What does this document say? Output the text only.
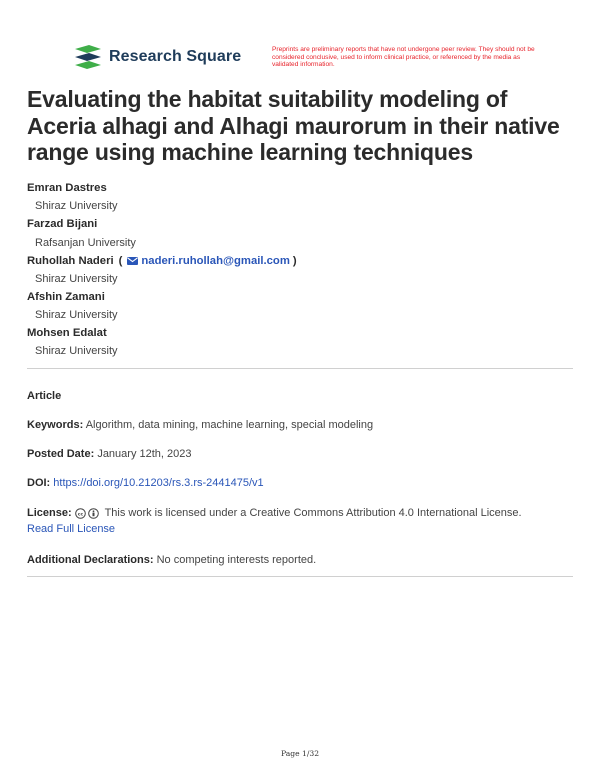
Research Square	Preprints are preliminary reports that have not undergone peer review. They should not be considered conclusive, used to inform clinical practice, or referenced by the media as validated information.
Evaluating the habitat suitability modeling of Aceria alhagi and Alhagi maurorum in their native range using machine learning techniques
Emran Dastres
Shiraz University
Farzad Bijani
Rafsanjan University
Ruhollah Naderi ( naderi.ruhollah@gmail.com )
Shiraz University
Afshin Zamani
Shiraz University
Mohsen Edalat
Shiraz University
Article
Keywords: Algorithm, data mining, machine learning, special modeling
Posted Date: January 12th, 2023
DOI: https://doi.org/10.21203/rs.3.rs-2441475/v1
License: cc This work is licensed under a Creative Commons Attribution 4.0 International License.
Read Full License
Additional Declarations: No competing interests reported.
Page 1/32
